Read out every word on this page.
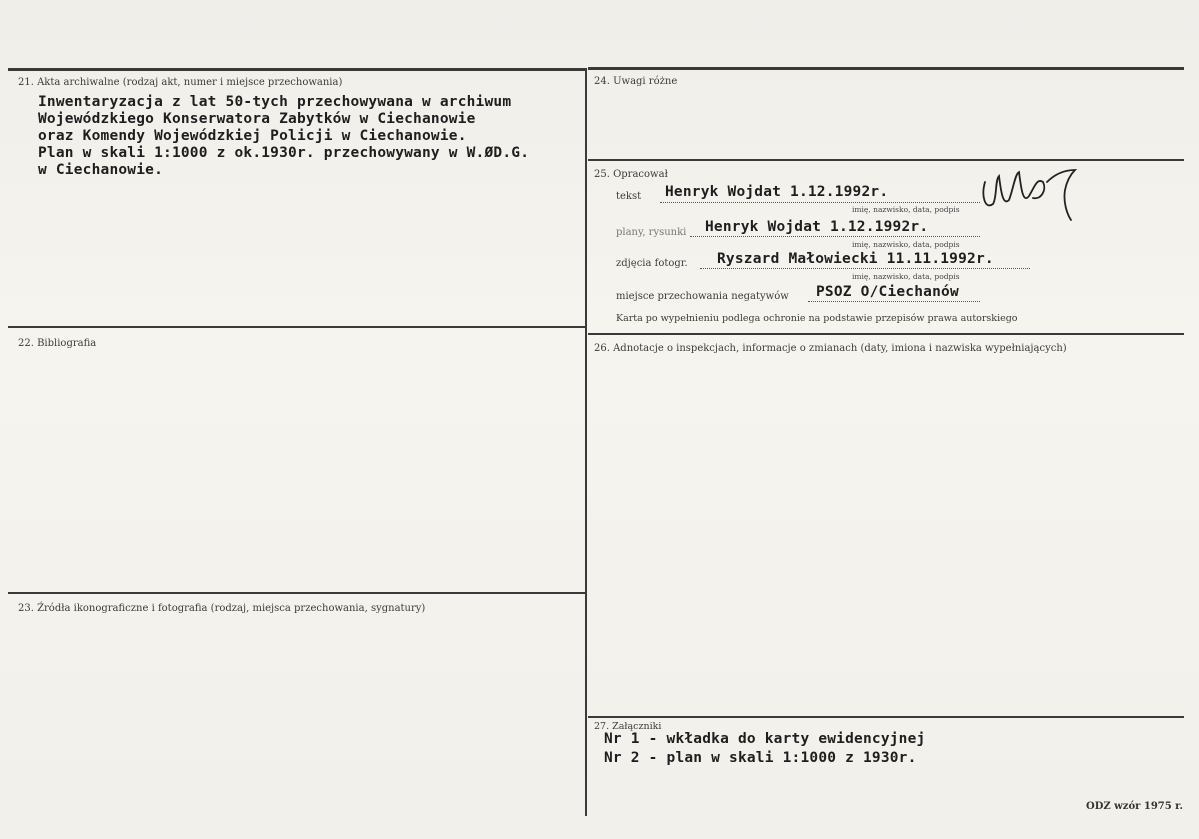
21. Akta archiwalne (rodzaj akt, numer i miejsce przechowania)
Inwentaryzacja z lat 50-tych przechowywana w archiwum
Wojewódzkiego Konserwatora Zabytków w Ciechanowie
oraz Komendy Wojewódzkiej Policji w Ciechanowie.
Plan w skali 1:1000 z ok.1930r. przechowywany w W.ØD.G.
w Ciechanowie.
22. Bibliografia
23. Źródła ikonograficzne i fotografia (rodzaj, miejsca przechowania, sygnatury)
24. Uwagi różne
25. Opracował
tekst Henryk Wojdat 1.12.1992r.
imię, nazwisko, data, podpis
plany, rysunki Henryk Wojdat 1.12.1992r.
imię, nazwisko, data, podpis
zdjęcia fotogr. Ryszard Małowiecki 11.11.1992r.
imię, nazwisko, data, podpis
miejsce przechowania negatywów PSOZ O/Ciechanów
Karta po wypełnieniu podlega ochronie na podstawie przepisów prawa autorskiego
26. Adnotacje o inspekcjach, informacje o zmianach (daty, imiona i nazwiska wypełniających)
27. Załączniki
Nr 1 - wkładka do karty ewidencyjnej
Nr 2 - plan w skali 1:1000 z 1930r.
ODZ wzór 1975 r.
